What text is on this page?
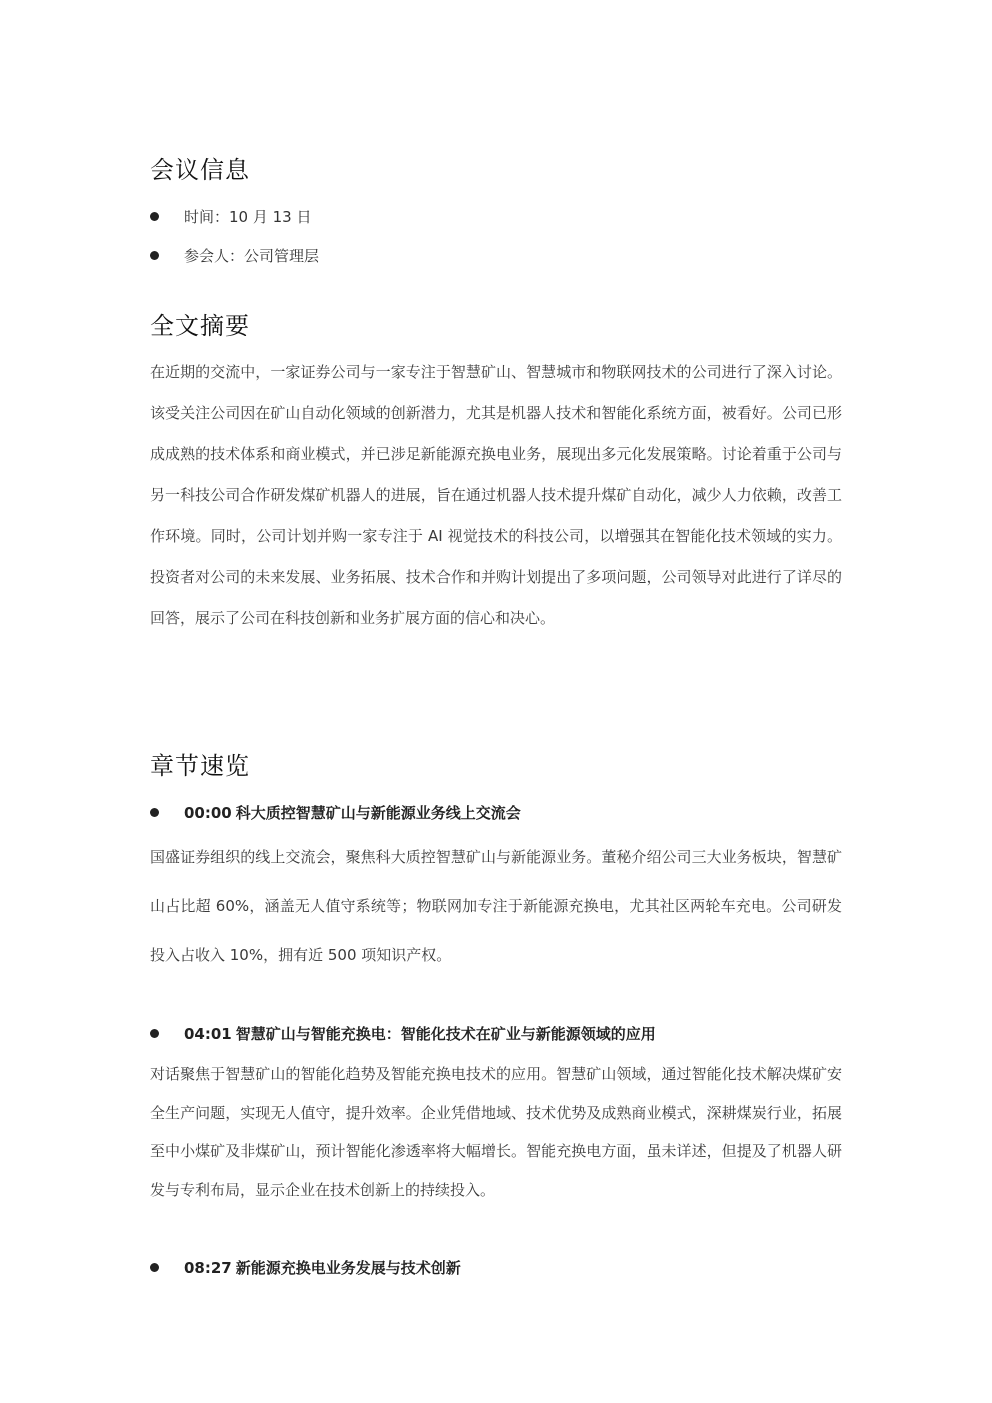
会议信息
时间： 10 月 13 日
参会人： 公司管理层
全文摘要
在近期的交流中，一家证券公司与一家专注于智慧矿山、智慧城市和物联网技术的公司进行了深入讨论。该受关注公司因在矿山自动化领域的创新潜力，尤其是机器人技术和智能化系统方面，被看好。公司已形成成熟的技术体系和商业模式，并已涉足新能源充换电业务，展现出多元化发展策略。讨论着重于公司与另一科技公司合作研发煤矿机器人的进展，旨在通过机器人技术提升煤矿自动化，减少人力依赖，改善工作环境。同时，公司计划并购一家专注于 AI 视觉技术的科技公司，以增强其在智能化技术领域的实力。投资者对公司的未来发展、业务拓展、技术合作和并购计划提出了多项问题，公司领导对此进行了详尽的回答，展示了公司在科技创新和业务扩展方面的信心和决心。
章节速览
00:00 科大质控智慧矿山与新能源业务线上交流会
国盛证券组织的线上交流会，聚焦科大质控智慧矿山与新能源业务。董秘介绍公司三大业务板块，智慧矿山占比超 60%，涵盖无人值守系统等；物联网加专注于新能源充换电，尤其社区两轮车充电。公司研发投入占收入 10%，拥有近 500 项知识产权。
04:01 智慧矿山与智能充换电：智能化技术在矿业与新能源领域的应用
对话聚焦于智慧矿山的智能化趋势及智能充换电技术的应用。智慧矿山领域，通过智能化技术解决煤矿安全生产问题，实现无人值守，提升效率。企业凭借地域、技术优势及成熟商业模式，深耕煤炭行业，拓展至中小煤矿及非煤矿山，预计智能化渗透率将大幅增长。智能充换电方面，虽未详述，但提及了机器人研发与专利布局，显示企业在技术创新上的持续投入。
08:27 新能源充换电业务发展与技术创新
